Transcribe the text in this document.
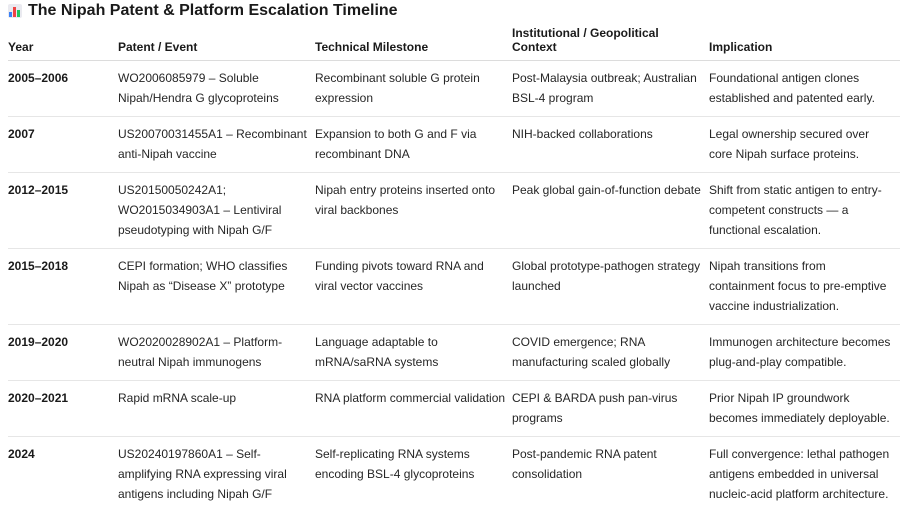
The Nipah Patent & Platform Escalation Timeline
Year	Patent / Event	Technical Milestone	Institutional / Geopolitical Context	Implication
2005–2006	WO2006085979 – Soluble Nipah/Hendra G glycoproteins	Recombinant soluble G protein expression	Post-Malaysia outbreak; Australian BSL-4 program	Foundational antigen clones established and patented early.
2007	US20070031455A1 – Recombinant anti-Nipah vaccine	Expansion to both G and F via recombinant DNA	NIH-backed collaborations	Legal ownership secured over core Nipah surface proteins.
2012–2015	US20150050242A1; WO2015034903A1 – Lentiviral pseudotyping with Nipah G/F	Nipah entry proteins inserted onto viral backbones	Peak global gain-of-function debate	Shift from static antigen to entry-competent constructs — a functional escalation.
2015–2018	CEPI formation; WHO classifies Nipah as “Disease X” prototype	Funding pivots toward RNA and viral vector vaccines	Global prototype-pathogen strategy launched	Nipah transitions from containment focus to pre-emptive vaccine industrialization.
2019–2020	WO2020028902A1 – Platform-neutral Nipah immunogens	Language adaptable to mRNA/saRNA systems	COVID emergence; RNA manufacturing scaled globally	Immunogen architecture becomes plug-and-play compatible.
2020–2021	Rapid mRNA scale-up	RNA platform commercial validation	CEPI & BARDA push pan-virus programs	Prior Nipah IP groundwork becomes immediately deployable.
2024	US20240197860A1 – Self-amplifying RNA expressing viral antigens including Nipah G/F	Self-replicating RNA systems encoding BSL-4 glycoproteins	Post-pandemic RNA patent consolidation	Full convergence: lethal pathogen antigens embedded in universal nucleic-acid platform architecture.
